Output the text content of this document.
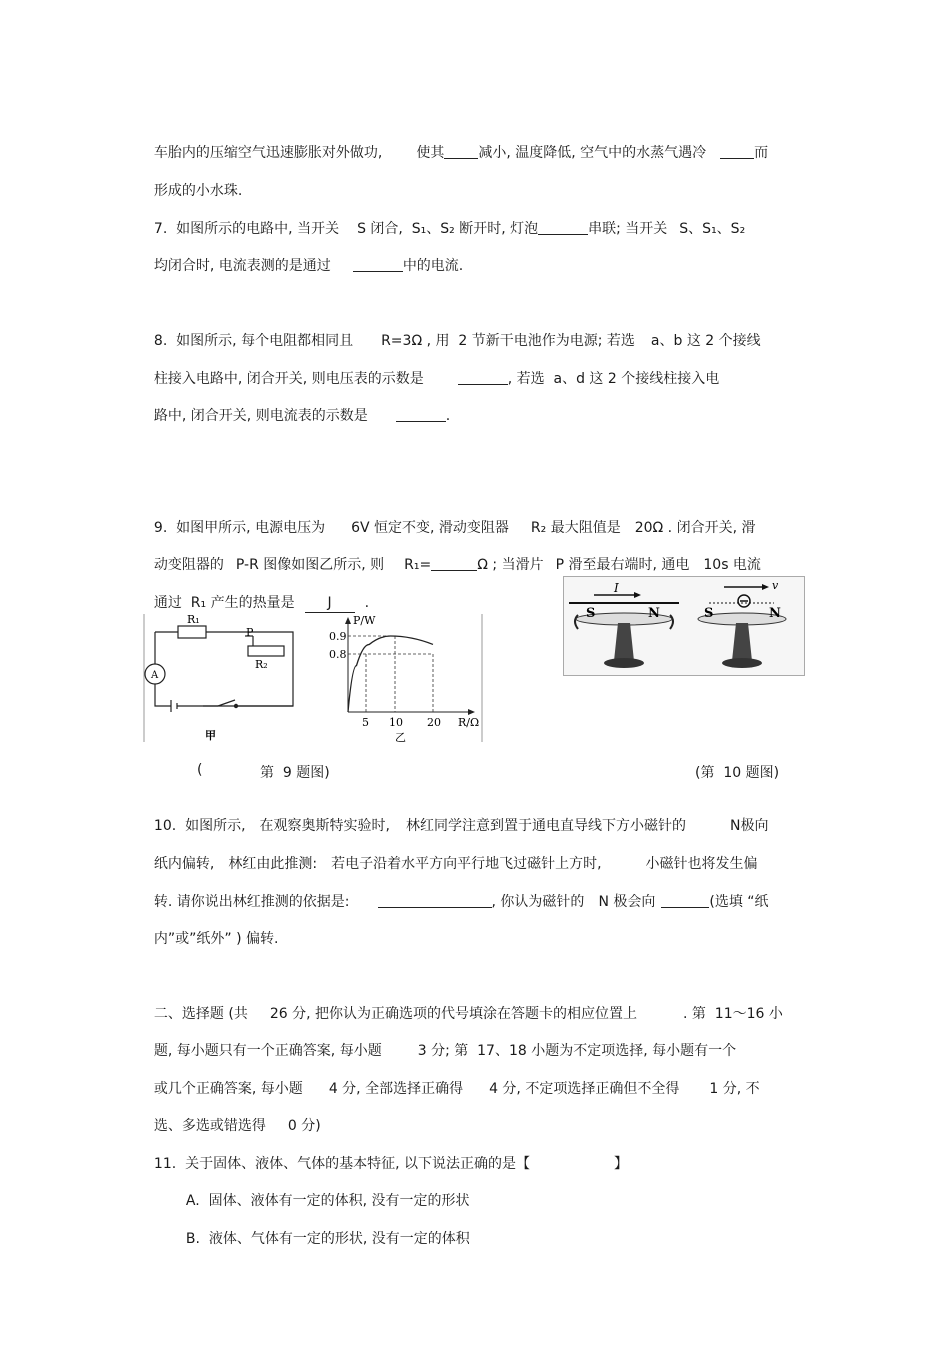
车胎内的压缩空气迅速膨胀对外做功, 使其 减小, 温度降低, 空气中的水蒸气遇冷	而

形成的小水珠.

7.  如图所示的电路中, 当开关 S 闭合,  S₁、S₂ 断开时, 灯泡	串联; 当开关 S、S₁、S₂

均闭合时, 电流表测的是通过	中的电流.

8.  如图所示, 每个电阻都相同且 R=3Ω , 用  2 节新干电池作为电源; 若选 a、b 这 2 个接线

柱接入电路中, 闭合开关, 则电压表的示数是	, 若选  a、d 这 2 个接线柱接入电

路中, 闭合开关, 则电流表的示数是	.

9.  如图甲所示, 电源电压为 6V 恒定不变, 滑动变阻器 R₂ 最大阻值是 20Ω . 闭合开关, 滑

动变阻器的 P-R 图像如图乙所示, 则 R₁=	Ω ; 当滑片 P 滑至最右端时, 通电 10s 电流

通过  R₁ 产生的热量是 J .

R₁
P
R₂
A
甲
P/W
0.9
0.8
5 10 20 R/Ω
乙
I
S	N
v
S	N
(	第  9 题图)	(第  10 题图)

10.  如图所示, 在观察奥斯特实验时, 林红同学注意到置于通电直导线下方小磁针的	N极向

纸内偏转, 林红由此推测: 若电子沿着水平方向平行地飞过磁针上方时,	小磁针也将发生偏

转. 请你说出林红推测的依据是:	, 你认为磁针的 N 极会向	(选填 “纸

内”或”纸外” ) 偏转.

二、选择题 (共 26 分, 把你认为正确选项的代号填涂在答题卡的相应位置上	. 第  11～16 小

题, 每小题只有一个正确答案, 每小题	3 分; 第  17、18 小题为不定项选择, 每小题有一个

或几个正确答案, 每小题 4 分, 全部选择正确得 4 分, 不定项选择正确但不全得 1 分, 不

选、多选或错选得 0 分)

11.  关于固体、液体、气体的基本特征, 以下说法正确的是【	】

A.  固体、液体有一定的体积, 没有一定的形状

B.  液体、气体有一定的形状, 没有一定的体积
